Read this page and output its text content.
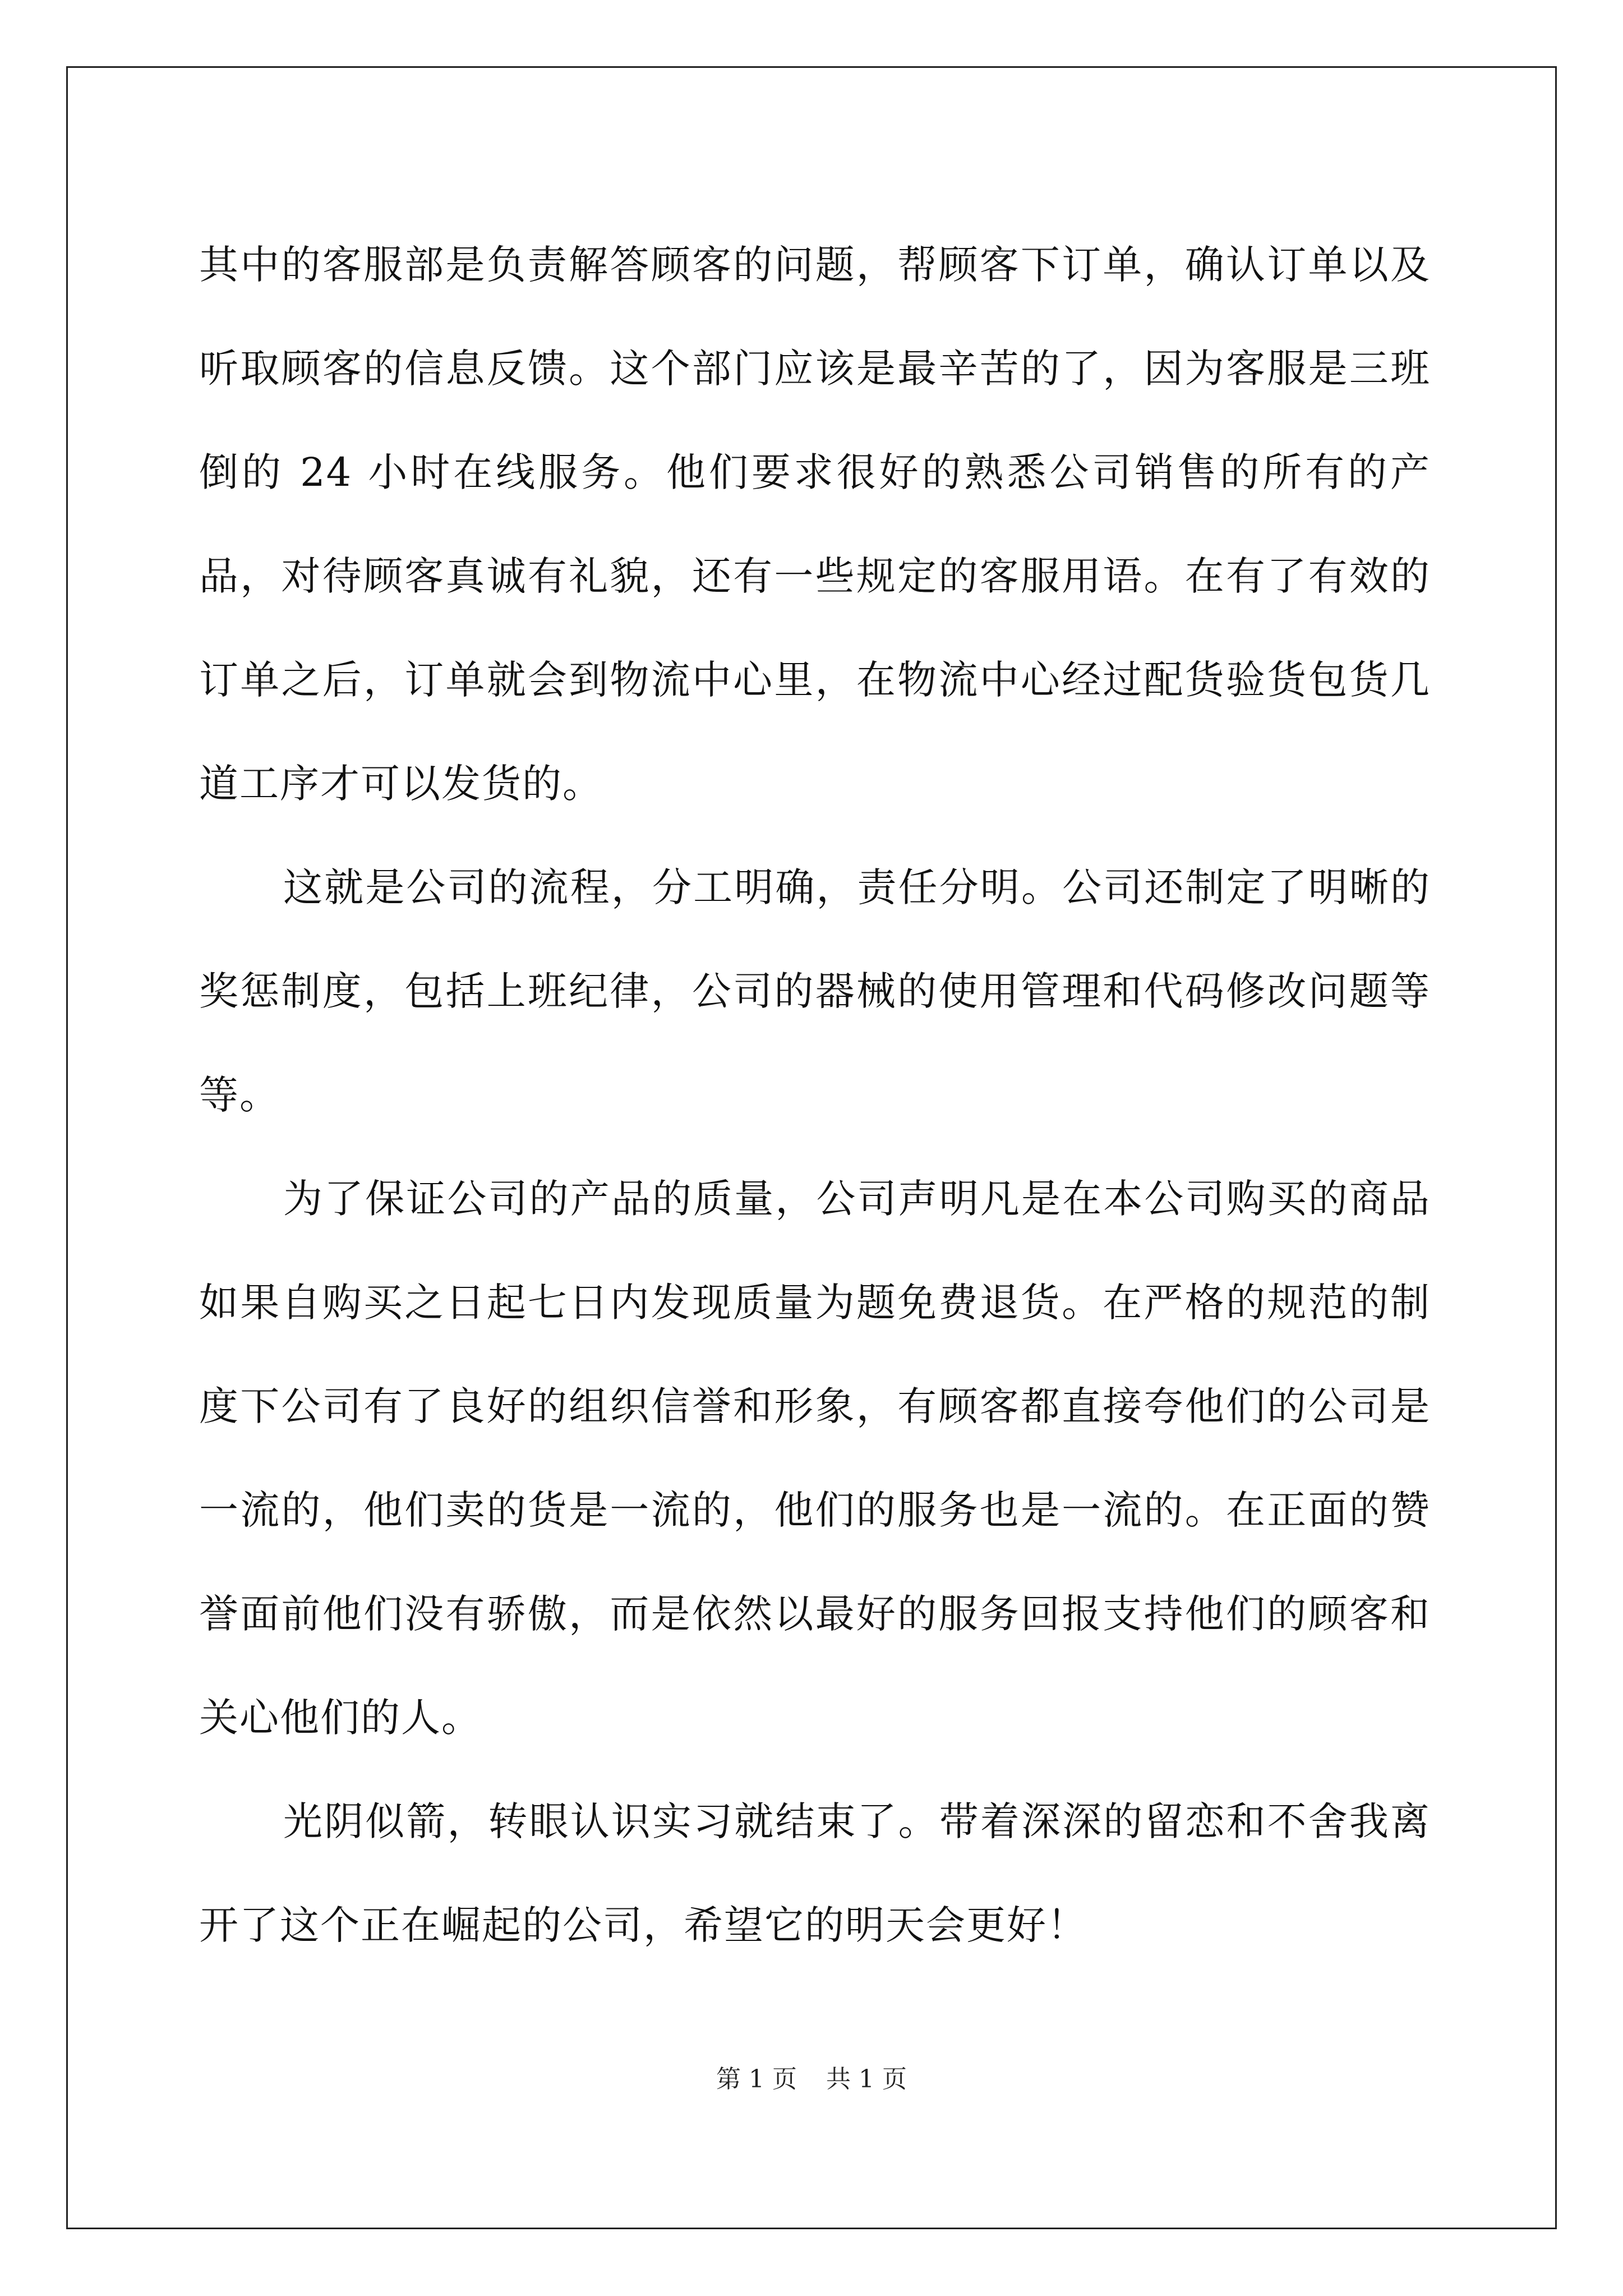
其中的客服部是负责解答顾客的问题，帮顾客下订单，确认订单以及听取顾客的信息反馈。这个部门应该是最辛苦的了，因为客服是三班倒的 24 小时在线服务。他们要求很好的熟悉公司销售的所有的产品，对待顾客真诚有礼貌，还有一些规定的客服用语。在有了有效的订单之后，订单就会到物流中心里，在物流中心经过配货验货包货几道工序才可以发货的。

这就是公司的流程，分工明确，责任分明。公司还制定了明晰的奖惩制度，包括上班纪律，公司的器械的使用管理和代码修改问题等等。

为了保证公司的产品的质量，公司声明凡是在本公司购买的商品如果自购买之日起七日内发现质量为题免费退货。在严格的规范的制度下公司有了良好的组织信誉和形象，有顾客都直接夸他们的公司是一流的，他们卖的货是一流的，他们的服务也是一流的。在正面的赞誉面前他们没有骄傲，而是依然以最好的服务回报支持他们的顾客和关心他们的人。

光阴似箭，转眼认识实习就结束了。带着深深的留恋和不舍我离开了这个正在崛起的公司，希望它的明天会更好！

第 1 页 共 1 页
